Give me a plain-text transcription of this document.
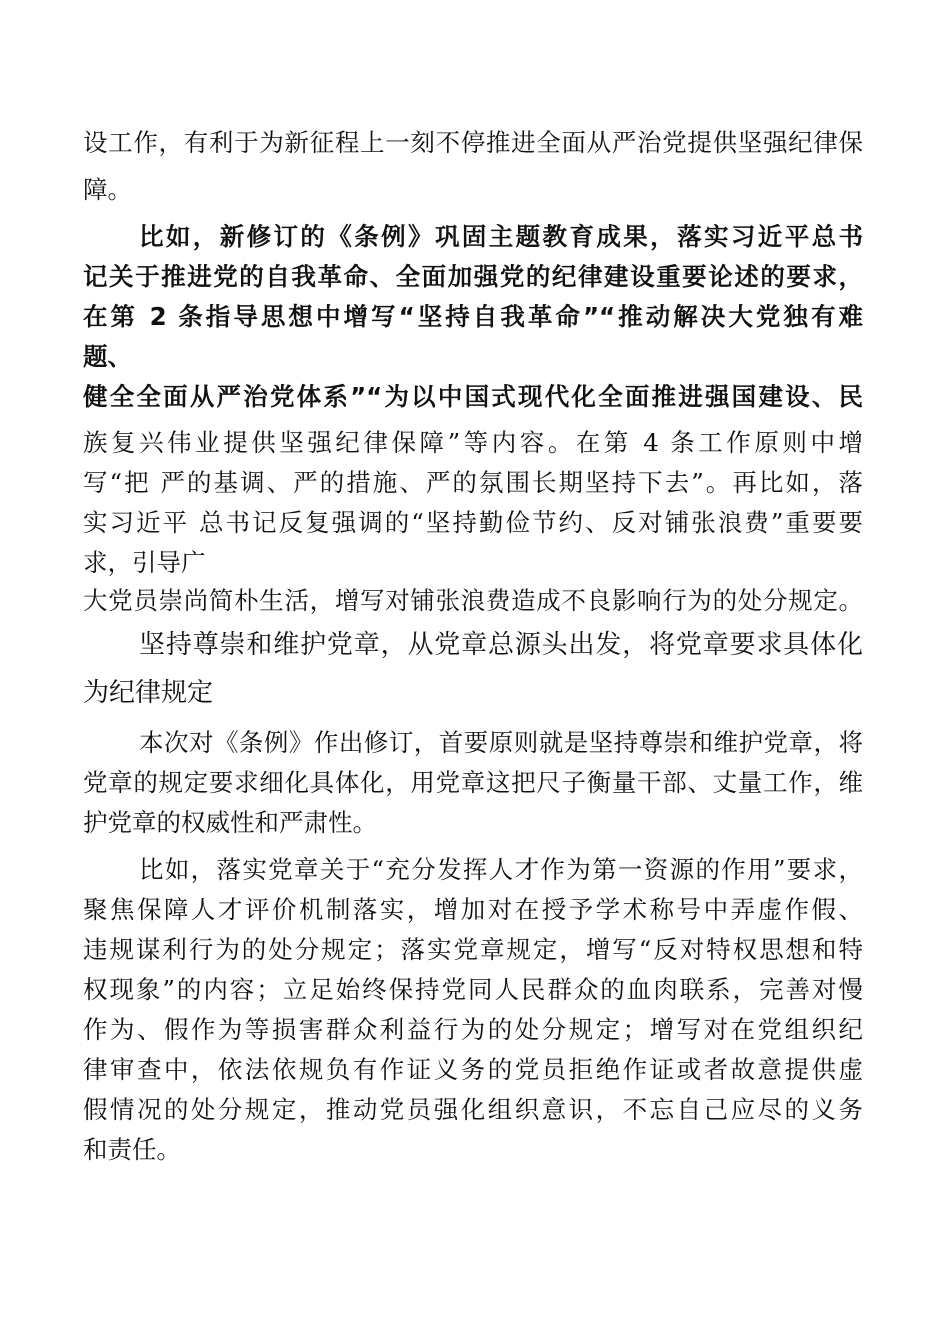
设工作，有利于为新征程上一刻不停推进全面从严治党提供坚强纪律保
障。
比如，新修订的《条例》巩固主题教育成果，落实习近平总书
记关于推进党的自我革命、全面加强党的纪律建设重要论述的要求，
在第 2 条指导思想中增写“坚持自我革命”“推动解决大党独有难
题、
健全全面从严治党体系”“为以中国式现代化全面推进强国建设、民
族复兴伟业提供坚强纪律保障”等内容。在第 4 条工作原则中增
写“把 严的基调、严的措施、严的氛围长期坚持下去”。再比如，落
实习近平 总书记反复强调的“坚持勤俭节约、反对铺张浪费”重要要
求，引导广
大党员崇尚简朴生活，增写对铺张浪费造成不良影响行为的处分规定。
坚持尊崇和维护党章，从党章总源头出发，将党章要求具体化
为纪律规定
本次对《条例》作出修订，首要原则就是坚持尊崇和维护党章，将
党章的规定要求细化具体化，用党章这把尺子衡量干部、丈量工作，维
护党章的权威性和严肃性。
比如，落实党章关于“充分发挥人才作为第一资源的作用”要求，
聚焦保障人才评价机制落实，增加对在授予学术称号中弄虚作假、
违规谋利行为的处分规定；落实党章规定，增写“反对特权思想和特
权现象”的内容；立足始终保持党同人民群众的血肉联系，完善对慢
作为、假作为等损害群众利益行为的处分规定；增写对在党组织纪
律审查中，依法依规负有作证义务的党员拒绝作证或者故意提供虚
假情况的处分规定，推动党员强化组织意识，不忘自己应尽的义务
和责任。
